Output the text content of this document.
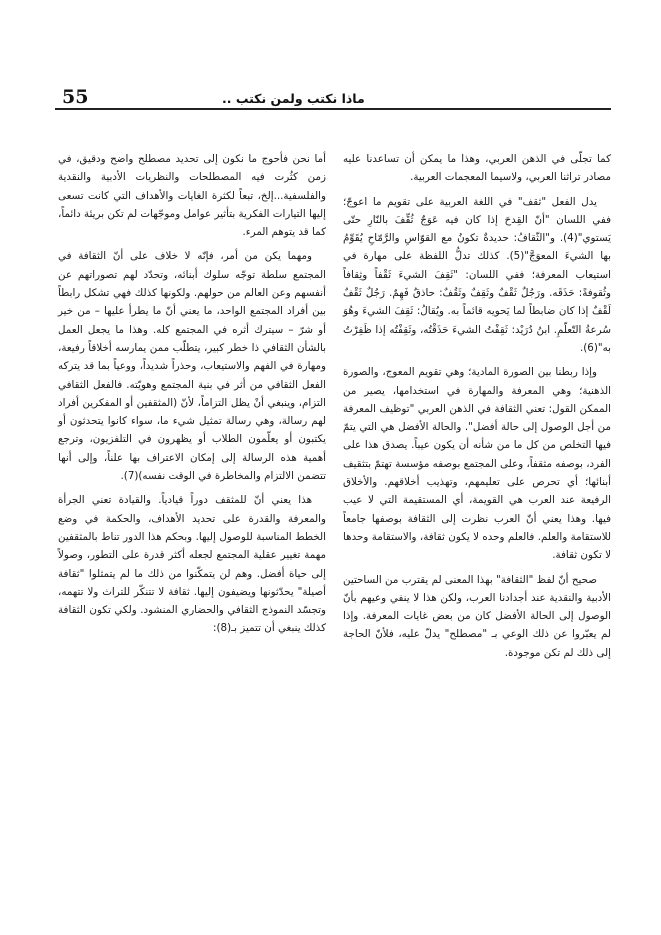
55	ماذا نكتب ولمن نكتب ..

كما تجلّى في الذهن العربي، وهذا ما يمكن أن تساعدنا عليه مصادر تراثنا العربي، ولاسيما المعجمات العربية.

يدل الفعل "ثقف" في اللغة العربية على تقويم ما اعوجّ؛ ففي اللسان "أنّ القِدحَ إذا كان فيه عَوَجٌ ثُقِّفَ بالنّارِ حتّى يَستوي"(4). و"الثّقافُ: حديدةٌ تكونُ مع القوّاسِ والرَّمّاحِ يُقَوِّمُ بها الشيءَ المعوَجَّ"(5). كذلك تدلُّ اللفظة على مهارة في استيعاب المعرفة؛ ففي اللسان: "ثَقِفَ الشيءَ ثَقْفاً وثِقافاً وثُقوفةً: حَذَقَه. ورَجُلٌ ثَقْفٌ وثَقِفٌ وثَقُفٌ: حاذقٌ فَهِمٌ. رَجُلٌ ثَقْفٌ لَقْفٌ إذا كان ضابطاً لما يَحويه قائماً به. ويُقالُ: ثَقِفَ الشيءَ وهُوَ سُرعةُ التّعلّمِ. ابنُ دُرَيْد: ثَقِفْتُ الشيءَ حَذَقْتُه، وثَقِفْتُه إذا ظَفِرْتُ به"(6).

وإذا ربطنا بين الصورة المادية؛ وهي تقويم المعوج، والصورة الذهنية؛ وهي المعرفة والمهارة في استخدامها، يصير من الممكن القول: تعني الثقافة في الذهن العربي "توظيف المعرفة من أجل الوصول إلى حالة أفضل". والحالة الأفضل هي التي يتمّ فيها التخلص من كل ما من شأنه أن يكون عيباً. يصدق هذا على الفرد، بوصفه مثقفاً، وعلى المجتمع بوصفه مؤسسة تهتمّ بتثقيف أبنائها؛ أي تحرص على تعليمهم، وتهذيب أخلاقهم. والأخلاق الرفيعة عند العرب هي القويمة، أي المستقيمة التي لا عيب فيها. وهذا يعني أنّ العرب نظرت إلى الثقافة بوصفها جامعاً للاستقامة والعلم. فالعلم وحده لا يكون ثقافة، والاستقامة وحدها لا تكون ثقافة.

صحيح أنّ لفظ "الثقافة" بهذا المعنى لم يقترب من الساحتين الأدبية والنقدية عند أجدادنا العرب، ولكن هذا لا ينفي وعيهم بأنّ الوصول إلى الحالة الأفضل كان من بعض غايات المعرفة. وإذا لم يعبّروا عن ذلك الوعي بـ "مصطلح" يدلّ عليه، فلأنّ الحاجة إلى ذلك لم تكن موجودة.

أما نحن فأحوج ما نكون إلى تحديد مصطلح واضح ودقيق، في زمن كثُرت فيه المصطلحات والنظريات الأدبية والنقدية والفلسفية...إلخ، تبعاً لكثرة الغايات والأهداف التي كانت تسعى إليها التيارات الفكرية بتأثير عوامل وموجّهات لم تكن بريئة دائماً، كما قد يتوهم المرء.

ومهما يكن من أمر، فإنّه لا خلاف على أنّ الثقافة في المجتمع سلطة توجّه سلوك أبنائه، وتحدّد لهم تصوراتهم عن أنفسهم وعن العالم من حولهم. ولكونها كذلك فهي تشكل رابطاً بين أفراد المجتمع الواحد، ما يعني أنّ ما يطرأ عليها – من خير أو شرّ – سيترك أثره في المجتمع كله. وهذا ما يجعل العمل بالشأن الثقافي ذا خطر كبير، يتطلّب ممن يمارسه أخلاقاً رفيعة، ومهارة في الفهم والاستيعاب، وحذراً شديداً، ووعياً بما قد يتركه الفعل الثقافي من أثر في بنية المجتمع وهويّته. فالفعل الثقافي التزام، وينبغي أنْ يظل التزاماً، لأنّ (المثقفين أو المفكرين أفراد لهم رسالة، وهي رسالة تمثيل شيء ما، سواء كانوا يتحدثون أو يكتبون أو يعلّمون الطلاب أو يظهرون في التلفزيون، وترجع أهمية هذه الرسالة إلى إمكان الاعتراف بها علناً، وإلى أنها تتضمن الالتزام والمخاطرة في الوقت نفسه)(7).

هذا يعني أنّ للمثقف دوراً قيادياً. والقيادة تعني الجرأة والمعرفة والقدرة على تحديد الأهداف، والحكمة في وضع الخطط المناسبة للوصول إليها. وبحكم هذا الدور تناط بالمثقفين مهمة تغيير عقلية المجتمع لجعله أكثر قدرة على التطور، وصولاً إلى حياة أفضل. وهم لن يتمكّنوا من ذلك ما لم يتمثلوا "ثقافة أصيلة" يحدّثونها ويضيفون إليها. ثقافة لا تتنكّر للتراث ولا تتهمه، وتجسّد النموذج الثقافي والحضاري المنشود. ولكي تكون الثقافة كذلك ينبغي أن تتميز بـ(8):
